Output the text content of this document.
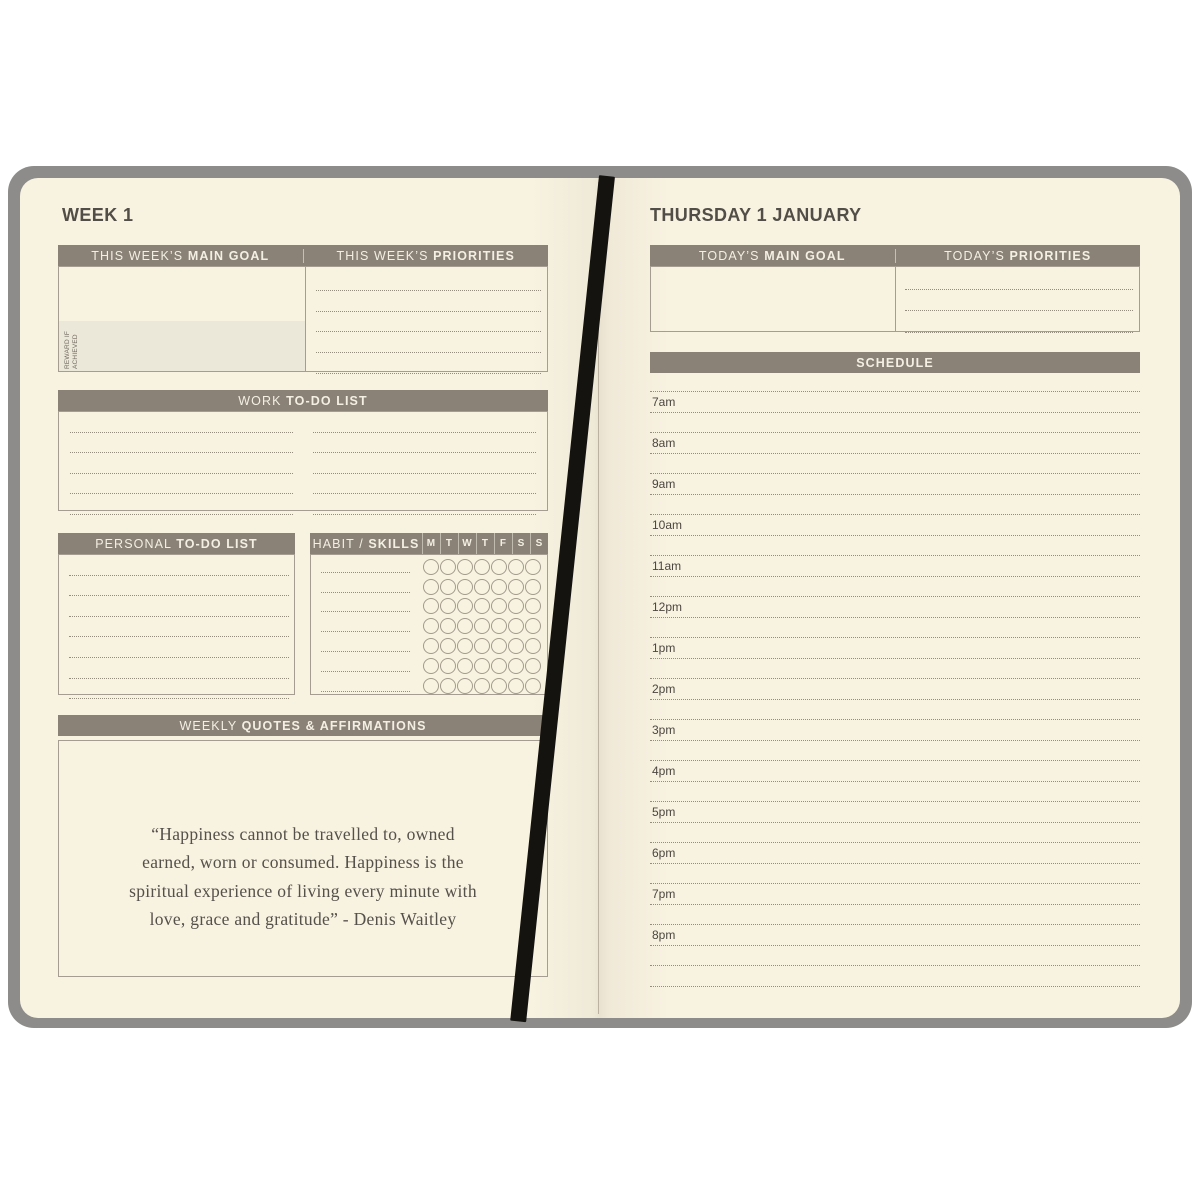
WEEK 1
THIS WEEK’S MAIN GOAL	THIS WEEK’S PRIORITIES
REWARD IF ACHIEVED
WORK TO-DO LIST
PERSONAL TO-DO LIST	HABIT / SKILLS M T W T	F	S	S
WEEKLY QUOTES & AFFIRMATIONS
“Happiness cannot be travelled to, owned
earned, worn or consumed. Happiness is the
spiritual experience of living every minute with
love, grace and gratitude” - Denis Waitley
THURSDAY 1 JANUARY
TODAY’S MAIN GOAL	TODAY’S PRIORITIES
SCHEDULE
7am
8am
9am
10am
11am
12pm
1pm
2pm
3pm
4pm
5pm
6pm
7pm
8pm
